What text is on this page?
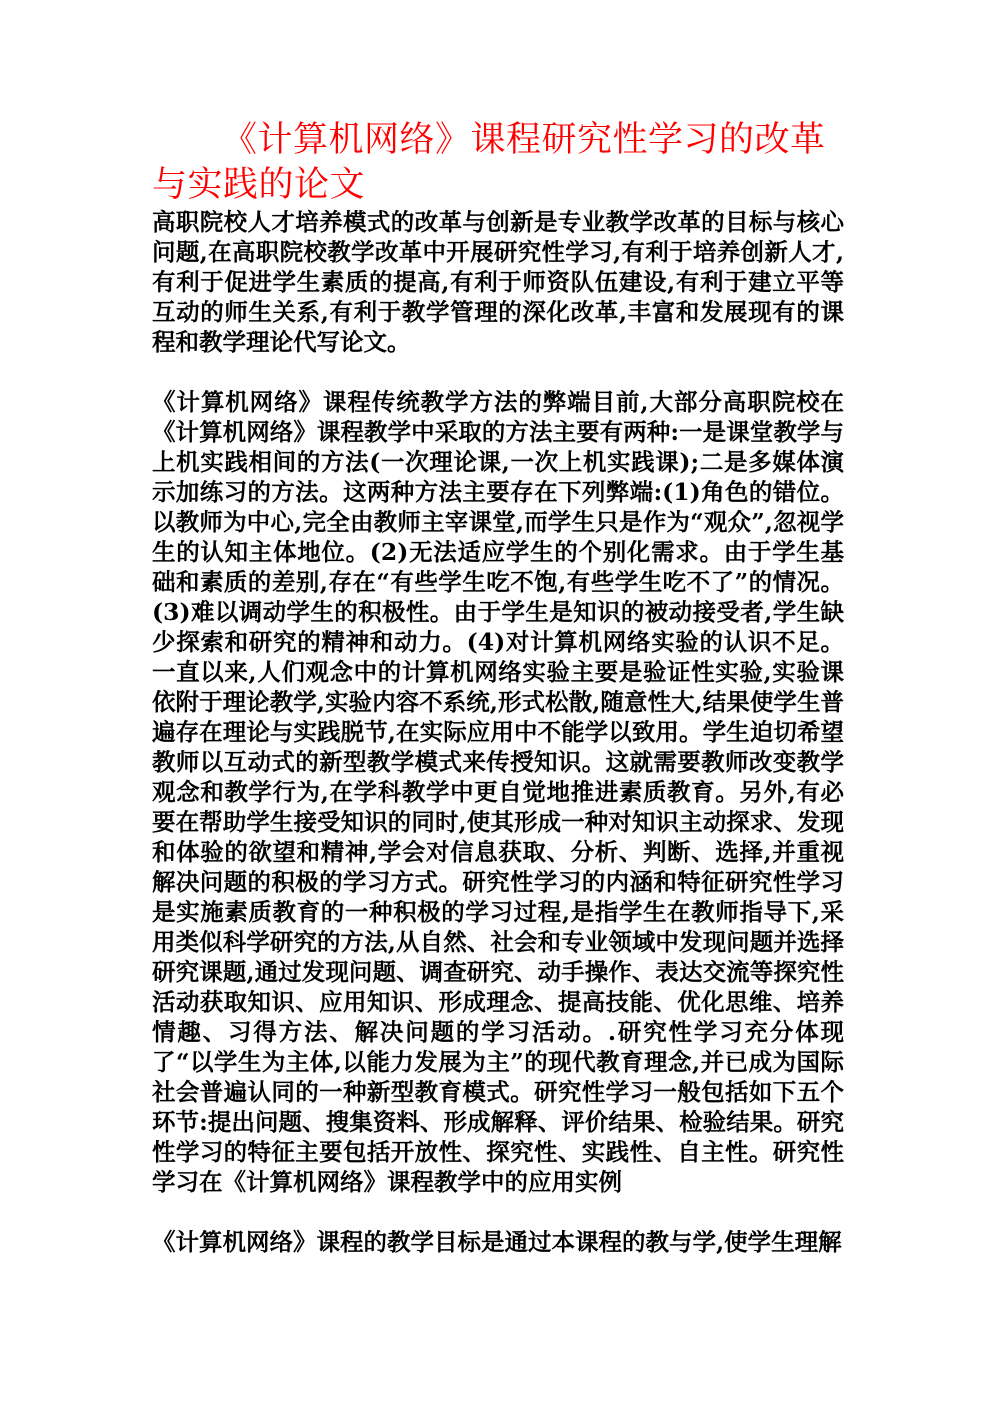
《计算机网络》课程研究性学习的改革与实践的论文

高职院校人才培养模式的改革与创新是专业教学改革的目标与核心问题,在高职院校教学改革中开展研究性学习,有利于培养创新人才,有利于促进学生素质的提高,有利于师资队伍建设,有利于建立平等互动的师生关系,有利于教学管理的深化改革,丰富和发展现有的课程和教学理论代写论文。

《计算机网络》课程传统教学方法的弊端目前,大部分高职院校在《计算机网络》课程教学中采取的方法主要有两种:一是课堂教学与上机实践相间的方法(一次理论课,一次上机实践课);二是多媒体演示加练习的方法。这两种方法主要存在下列弊端:(1)角色的错位。以教师为中心,完全由教师主宰课堂,而学生只是作为“观众”,忽视学生的认知主体地位。(2)无法适应学生的个别化需求。由于学生基础和素质的差别,存在“有些学生吃不饱,有些学生吃不了”的情况。(3)难以调动学生的积极性。由于学生是知识的被动接受者,学生缺少探索和研究的精神和动力。(4)对计算机网络实验的认识不足。一直以来,人们观念中的计算机网络实验主要是验证性实验,实验课依附于理论教学,实验内容不系统,形式松散,随意性大,结果使学生普遍存在理论与实践脱节,在实际应用中不能学以致用。学生迫切希望教师以互动式的新型教学模式来传授知识。这就需要教师改变教学观念和教学行为,在学科教学中更自觉地推进素质教育。另外,有必要在帮助学生接受知识的同时,使其形成一种对知识主动探求、发现和体验的欲望和精神,学会对信息获取、分析、判断、选择,并重视解决问题的积极的学习方式。研究性学习的内涵和特征研究性学习是实施素质教育的一种积极的学习过程,是指学生在教师指导下,采用类似科学研究的方法,从自然、社会和专业领域中发现问题并选择研究课题,通过发现问题、调查研究、动手操作、表达交流等探究性活动获取知识、应用知识、形成理念、提高技能、优化思维、培养情趣、习得方法、解决问题的学习活动。.研究性学习充分体现了“以学生为主体,以能力发展为主”的现代教育理念,并已成为国际社会普遍认同的一种新型教育模式。研究性学习一般包括如下五个环节:提出问题、搜集资料、形成解释、评价结果、检验结果。研究性学习的特征主要包括开放性、探究性、实践性、自主性。研究性学习在《计算机网络》课程教学中的应用实例

《计算机网络》课程的教学目标是通过本课程的教与学,使学生理解
